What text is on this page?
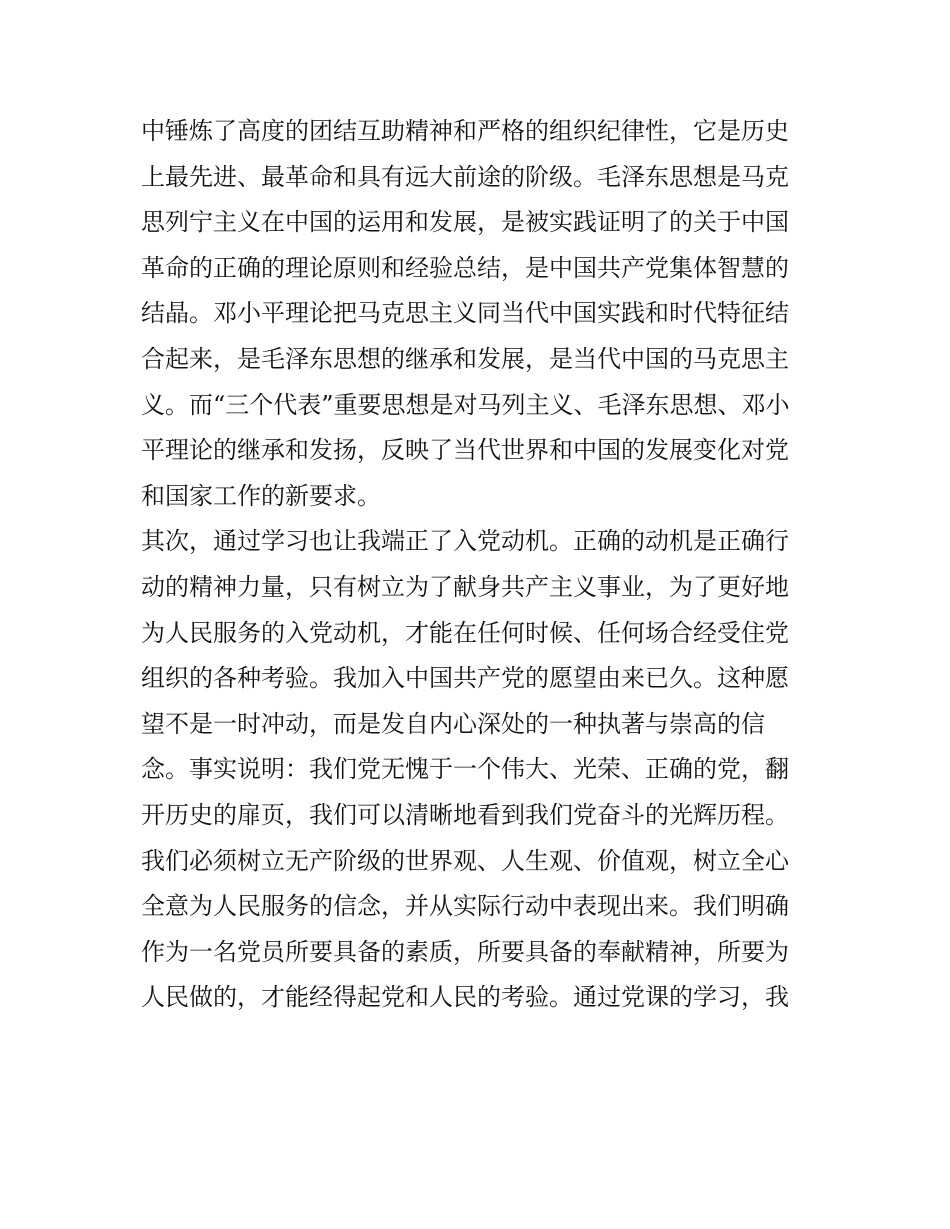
中锤炼了高度的团结互助精神和严格的组织纪律性，它是历史
上最先进、最革命和具有远大前途的阶级。毛泽东思想是马克
思列宁主义在中国的运用和发展，是被实践证明了的关于中国
革命的正确的理论原则和经验总结，是中国共产党集体智慧的
结晶。邓小平理论把马克思主义同当代中国实践和时代特征结
合起来，是毛泽东思想的继承和发展，是当代中国的马克思主
义。而“三个代表”重要思想是对马列主义、毛泽东思想、邓小
平理论的继承和发扬，反映了当代世界和中国的发展变化对党
和国家工作的新要求。
其次，通过学习也让我端正了入党动机。正确的动机是正确行
动的精神力量，只有树立为了献身共产主义事业，为了更好地
为人民服务的入党动机，才能在任何时候、任何场合经受住党
组织的各种考验。我加入中国共产党的愿望由来已久。这种愿
望不是一时冲动，而是发自内心深处的一种执著与崇高的信
念。事实说明：我们党无愧于一个伟大、光荣、正确的党，翻
开历史的扉页，我们可以清晰地看到我们党奋斗的光辉历程。
我们必须树立无产阶级的世界观、人生观、价值观，树立全心
全意为人民服务的信念，并从实际行动中表现出来。我们明确
作为一名党员所要具备的素质，所要具备的奉献精神，所要为
人民做的，才能经得起党和人民的考验。通过党课的学习，我
